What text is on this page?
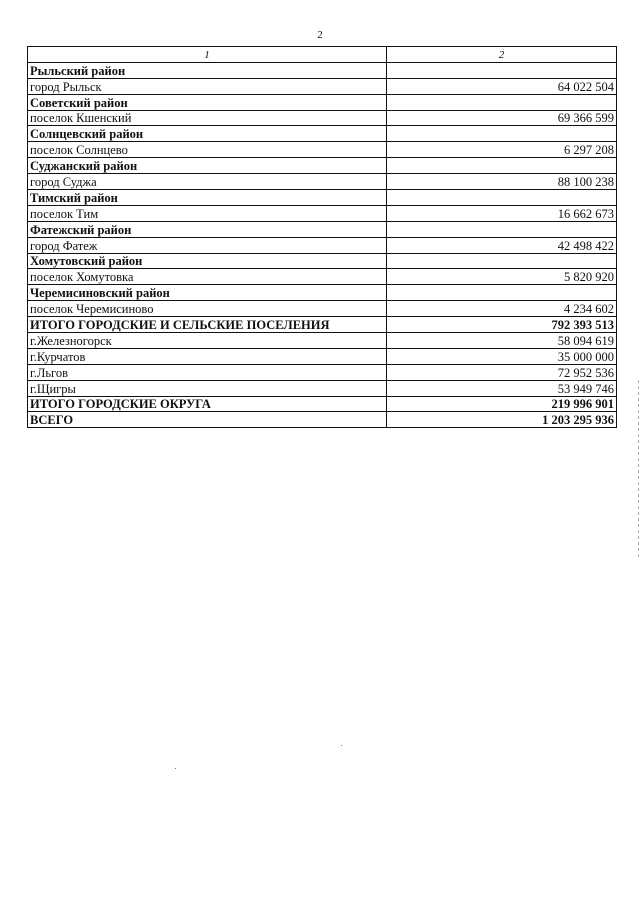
2
1	2
Рыльский район	
город Рыльск	64 022 504
Советский район	
поселок Кшенский	69 366 599
Солнцевский район	
поселок Солнцево	6 297 208
Суджанский район	
город Суджа	88 100 238
Тимский район	
поселок Тим	16 662 673
Фатежский район	
город Фатеж	42 498 422
Хомутовский район	
поселок Хомутовка	5 820 920
Черемисиновский район	
поселок Черемисиново	4 234 602
ИТОГО ГОРОДСКИЕ И СЕЛЬСКИЕ ПОСЕЛЕНИЯ	792 393 513
г.Железногорск	58 094 619
г.Курчатов	35 000 000
г.Льгов	72 952 536
г.Щигры	53 949 746
ИТОГО ГОРОДСКИЕ ОКРУГА	219 996 901
ВСЕГО	1 203 295 936
